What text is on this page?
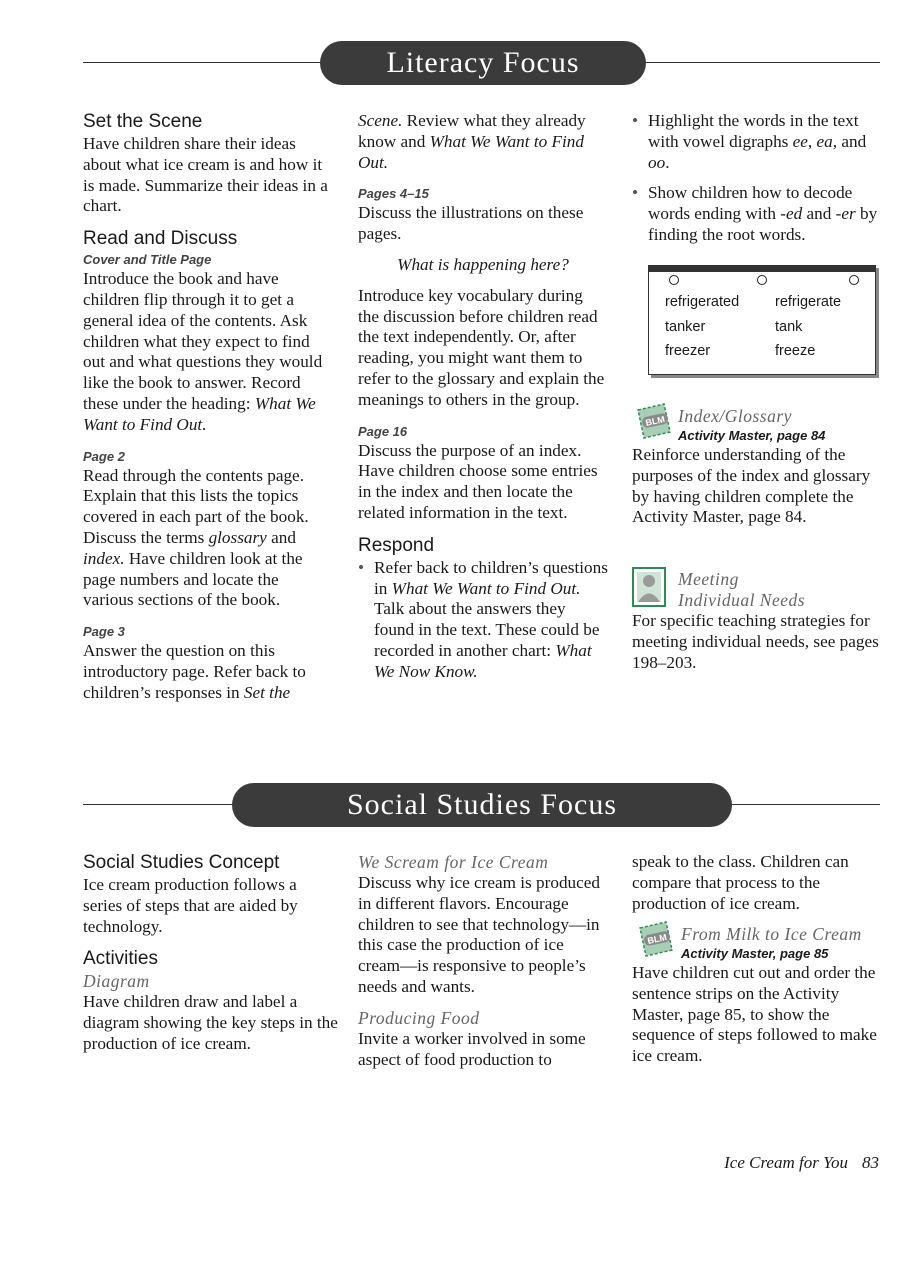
Literacy Focus
Set the Scene
Have children share their ideas about what ice cream is and how it is made. Summarize their ideas in a chart.
Read and Discuss
Cover and Title Page
Introduce the book and have children flip through it to get a general idea of the contents. Ask children what they expect to find out and what questions they would like the book to answer. Record these under the heading: What We Want to Find Out.
Page 2
Read through the contents page. Explain that this lists the topics covered in each part of the book. Discuss the terms glossary and index. Have children look at the page numbers and locate the various sections of the book.
Page 3
Answer the question on this introductory page. Refer back to children’s responses in Set the
Scene. Review what they already know and What We Want to Find Out.
Pages 4–15
Discuss the illustrations on these pages.
What is happening here?
Introduce key vocabulary during the discussion before children read the text independently. Or, after reading, you might want them to refer to the glossary and explain the meanings to others in the group.
Page 16
Discuss the purpose of an index. Have children choose some entries in the index and then locate the related information in the text.
Respond
• Refer back to children’s questions in What We Want to Find Out. Talk about the answers they found in the text. These could be recorded in another chart: What We Now Know.
• Highlight the words in the text with vowel digraphs ee, ea, and oo.
• Show children how to decode words ending with -ed and -er by finding the root words.
refrigerated	refrigerate
tanker	tank
freezer	freeze
BLM Index/Glossary
Activity Master, page 84
Reinforce understanding of the purposes of the index and glossary by having children complete the Activity Master, page 84.
Meeting
Individual Needs
For specific teaching strategies for meeting individual needs, see pages 198–203.
Social Studies Focus
Social Studies Concept
Ice cream production follows a series of steps that are aided by technology.
Activities
Diagram
Have children draw and label a diagram showing the key steps in the production of ice cream.
We Scream for Ice Cream
Discuss why ice cream is produced in different flavors. Encourage children to see that technology—in this case the production of ice cream—is responsive to people’s needs and wants.
Producing Food
Invite a worker involved in some aspect of food production to
speak to the class. Children can compare that process to the production of ice cream.
BLM From Milk to Ice Cream
Activity Master, page 85
Have children cut out and order the sentence strips on the Activity Master, page 85, to show the sequence of steps followed to make ice cream.
Ice Cream for You 83
